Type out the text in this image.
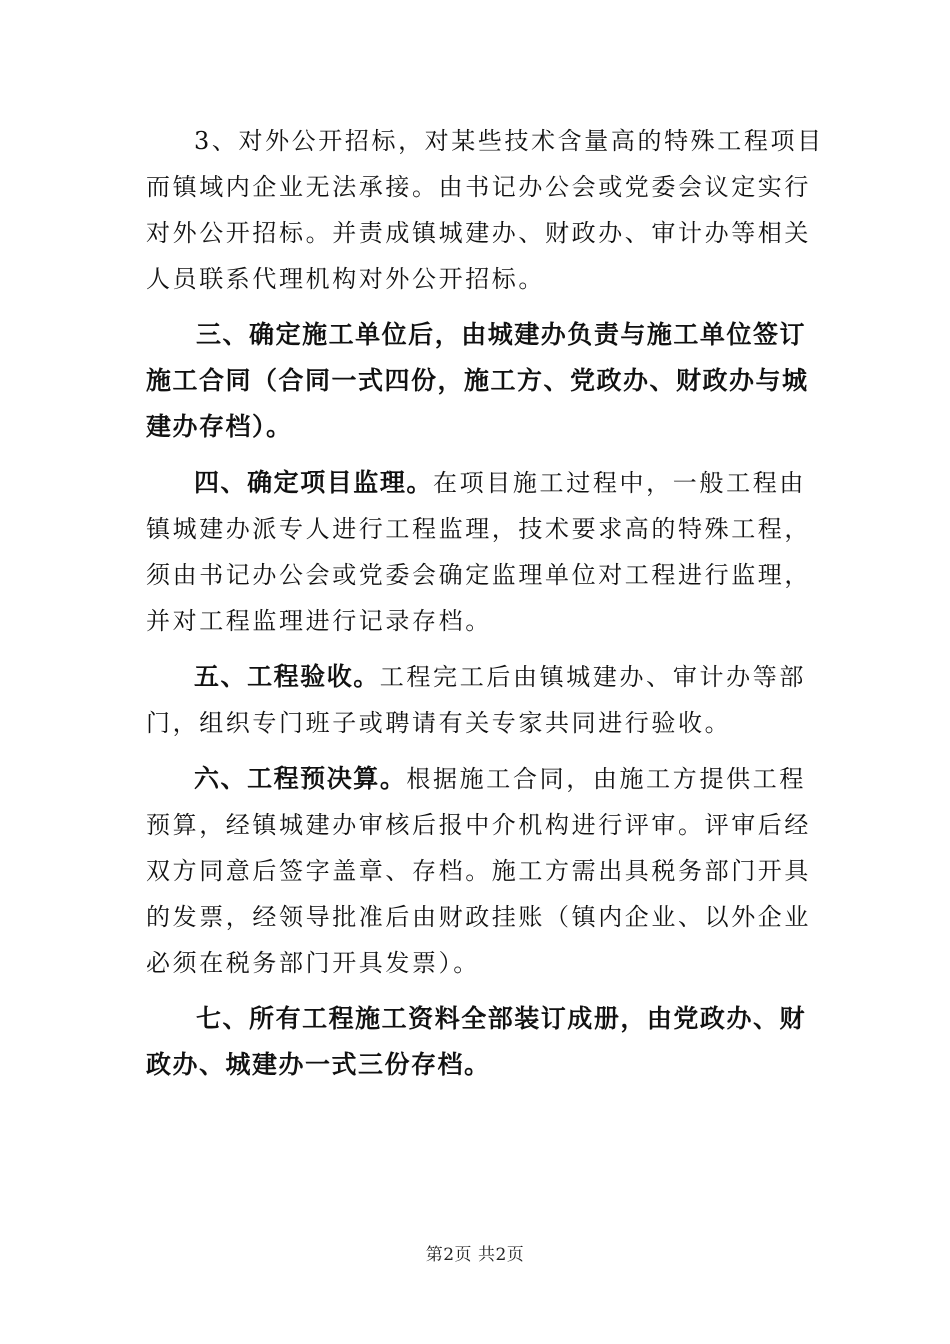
3、对外公开招标，对某些技术含量高的特殊工程项目
而镇域内企业无法承接。由书记办公会或党委会议定实行
对外公开招标。并责成镇城建办、财政办、审计办等相关
人员联系代理机构对外公开招标。
三、确定施工单位后，由城建办负责与施工单位签订
施工合同（合同一式四份，施工方、党政办、财政办与城
建办存档）。
四、确定项目监理。在项目施工过程中，一般工程由
镇城建办派专人进行工程监理，技术要求高的特殊工程，
须由书记办公会或党委会确定监理单位对工程进行监理，
并对工程监理进行记录存档。
五、工程验收。工程完工后由镇城建办、审计办等部
门，组织专门班子或聘请有关专家共同进行验收。
六、工程预决算。根据施工合同，由施工方提供工程
预算，经镇城建办审核后报中介机构进行评审。评审后经
双方同意后签字盖章、存档。施工方需出具税务部门开具
的发票，经领导批准后由财政挂账（镇内企业、以外企业
必须在税务部门开具发票）。
七、所有工程施工资料全部装订成册，由党政办、财
政办、城建办一式三份存档。
第2页 共2页
